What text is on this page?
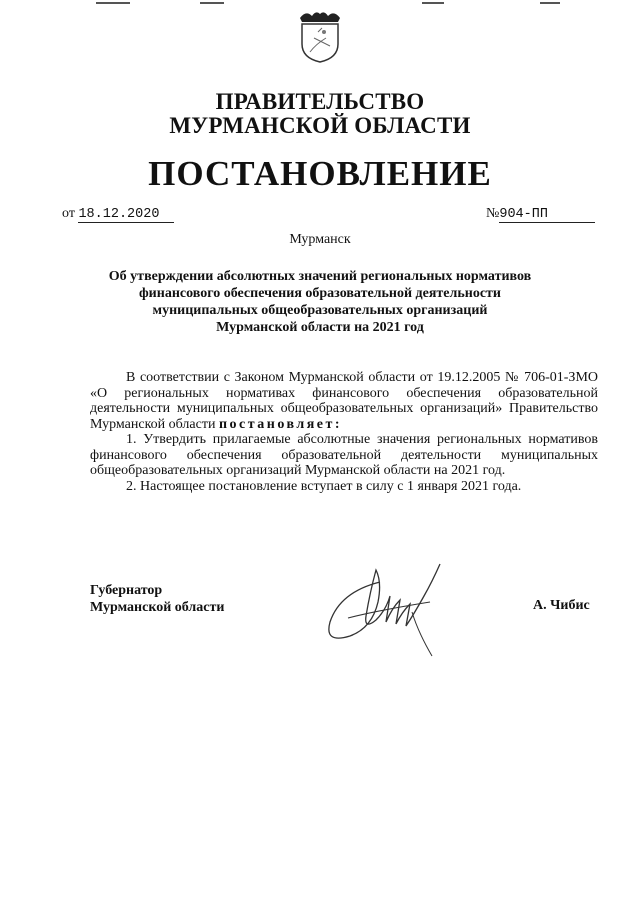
ПРАВИТЕЛЬСТВО
МУРМАНСКОЙ ОБЛАСТИ
ПОСТАНОВЛЕНИЕ
от 18.12.2020	№904-ПП
Мурманск
Об утверждении абсолютных значений региональных нормативов
финансового обеспечения образовательной деятельности
муниципальных общеобразовательных организаций
Мурманской области на 2021 год

В соответствии с Законом Мурманской области от 19.12.2005 № 706-01-ЗМО «О региональных нормативах финансового обеспечения образовательной деятельности муниципальных общеобразовательных организаций» Правительство Мурманской области постановляет:

1. Утвердить прилагаемые абсолютные значения региональных нормативов финансового обеспечения образовательной деятельности муниципальных общеобразовательных организаций Мурманской области на 2021 год.

2. Настоящее постановление вступает в силу с 1 января 2021 года.

Губернатор
Мурманской области	А. Чибис
